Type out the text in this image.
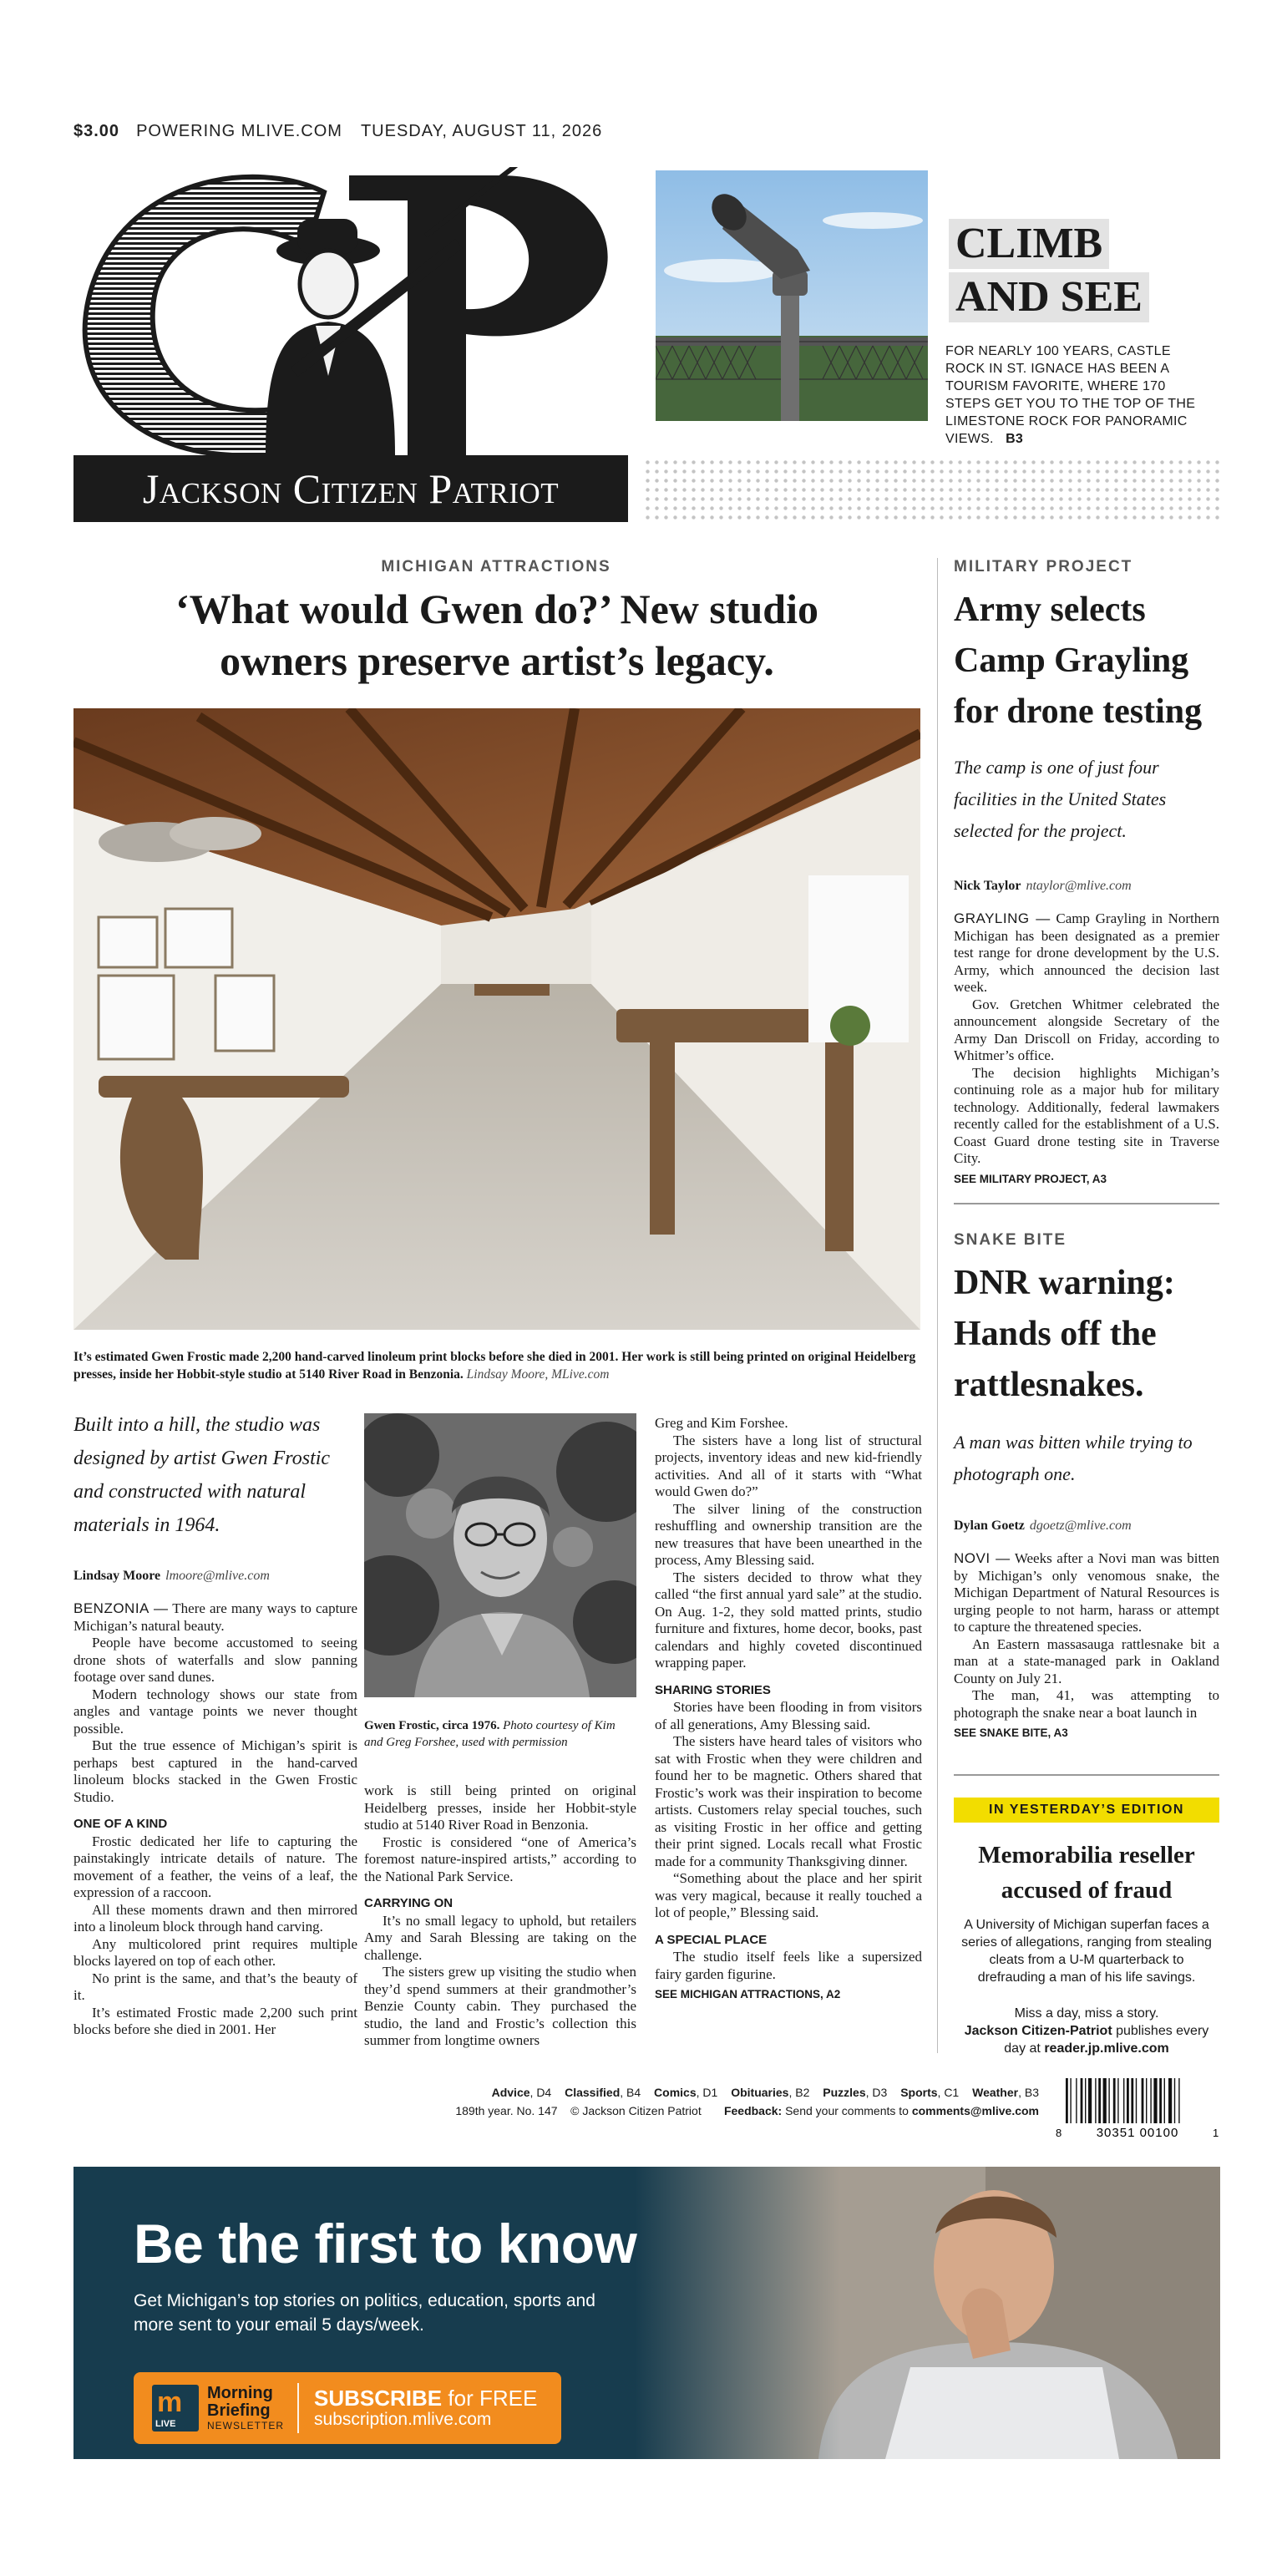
$3.00 POWERING MLIVE.COM TUESDAY, AUGUST 11, 2026
Jackson Citizen Patriot
CLIMB
AND SEE
FOR NEARLY 100 YEARS, CASTLE ROCK IN ST. IGNACE HAS BEEN A TOURISM FAVORITE, WHERE 170 STEPS GET YOU TO THE TOP OF THE LIMESTONE ROCK FOR PANORAMIC VIEWS. B3
MICHIGAN ATTRACTIONS
‘What would Gwen do?’ New studio
owners preserve artist’s legacy.
It’s estimated Gwen Frostic made 2,200 hand-carved linoleum print blocks before she died in 2001. Her work is still being printed on original Heidelberg presses, inside her Hobbit-style studio at 5140 River Road in Benzonia. Lindsay Moore, MLive.com
Built into a hill, the studio was designed by artist Gwen Frostic and constructed with natural materials in 1964.
Lindsay Moore lmoore@mlive.com

BENZONIA — There are many ways to capture Michigan’s natural beauty.

People have become accustomed to seeing drone shots of waterfalls and slow panning footage over sand dunes.

Modern technology shows our state from angles and vantage points we never thought possible.

But the true essence of Michigan’s spirit is perhaps best captured in the hand-carved linoleum blocks stacked in the Gwen Frostic Studio.

ONE OF A KIND

Frostic dedicated her life to capturing the painstakingly intricate details of nature. The movement of a feather, the veins of a leaf, the expression of a raccoon.

All these moments drawn and then mirrored into a linoleum block through hand carving.

Any multicolored print requires multiple blocks layered on top of each other.

No print is the same, and that’s the beauty of it.

It’s estimated Frostic made 2,200 such print blocks before she died in 2001. Her

Gwen Frostic, circa 1976. Photo courtesy of Kim and Greg Forshee, used with permission

work is still being printed on original Heidelberg presses, inside her Hobbit-style studio at 5140 River Road in Benzonia.

Frostic is considered “one of America’s foremost nature-inspired artists,” according to the National Park Service.

CARRYING ON

It’s no small legacy to uphold, but retailers Amy and Sarah Blessing are taking on the challenge.

The sisters grew up visiting the studio when they’d spend summers at their grandmother’s Benzie County cabin. They purchased the studio, the land and Frostic’s collection this summer from longtime owners

Greg and Kim Forshee.

The sisters have a long list of structural projects, inventory ideas and new kid-friendly activities. And all of it starts with “What would Gwen do?”

The silver lining of the construction reshuffling and ownership transition are the new treasures that have been unearthed in the process, Amy Blessing said.

The sisters decided to throw what they called “the first annual yard sale” at the studio. On Aug. 1-2, they sold matted prints, studio furniture and fixtures, home decor, books, past calendars and highly coveted discontinued wrapping paper.

SHARING STORIES

Stories have been flooding in from visitors of all generations, Amy Blessing said.

The sisters have heard tales of visitors who sat with Frostic when they were children and found her to be magnetic. Others shared that Frostic’s work was their inspiration to become artists. Customers relay special touches, such as visiting Frostic in her office and getting their print signed. Locals recall what Frostic made for a community Thanksgiving dinner.

“Something about the place and her spirit was very magical, because it really touched a lot of people,” Blessing said.

A SPECIAL PLACE

The studio itself feels like a supersized fairy garden figurine.

SEE MICHIGAN ATTRACTIONS, A2

MILITARY PROJECT
Army selects Camp Grayling for drone testing
The camp is one of just four facilities in the United States selected for the project.
Nick Taylor ntaylor@mlive.com

GRAYLING — Camp Grayling in Northern Michigan has been designated as a premier test range for drone development by the U.S. Army, which announced the decision last week.

Gov. Gretchen Whitmer celebrated the announcement alongside Secretary of the Army Dan Driscoll on Friday, according to Whitmer’s office.

The decision highlights Michigan’s continuing role as a major hub for military technology. Additionally, federal lawmakers recently called for the establishment of a U.S. Coast Guard drone testing site in Traverse City.

SEE MILITARY PROJECT, A3

SNAKE BITE
DNR warning: Hands off the rattlesnakes.
A man was bitten while trying to photograph one.
Dylan Goetz dgoetz@mlive.com

NOVI — Weeks after a Novi man was bitten by Michigan’s only venomous snake, the Michigan Department of Natural Resources is urging people to not harm, harass or attempt to capture the threatened species.

An Eastern massasauga rattlesnake bit a man at a state-managed park in Oakland County on July 21.

The man, 41, was attempting to photograph the snake near a boat launch in

SEE SNAKE BITE, A3

IN YESTERDAY’S EDITION
Memorabilia reseller accused of fraud
A University of Michigan superfan faces a series of allegations, ranging from stealing cleats from a U-M quarterback to drefrauding a man of his life savings.
Miss a day, miss a story.
Jackson Citizen-Patriot publishes every day at reader.jp.mlive.com
Advice, D4 Classified, B4 Comics, D1 Obituaries, B2 Puzzles, D3 Sports, C1 Weather, B3
189th year. No. 147 © Jackson Citizen Patriot Feedback: Send your comments to comments@mlive.com
8	30351 00100	1
Be the first to know
Get Michigan’s top stories on politics, education, sports and more sent to your email 5 days/week.
m
LIVE
Morning
Briefing
NEWSLETTER
SUBSCRIBE for FREE
subscription.mlive.com
